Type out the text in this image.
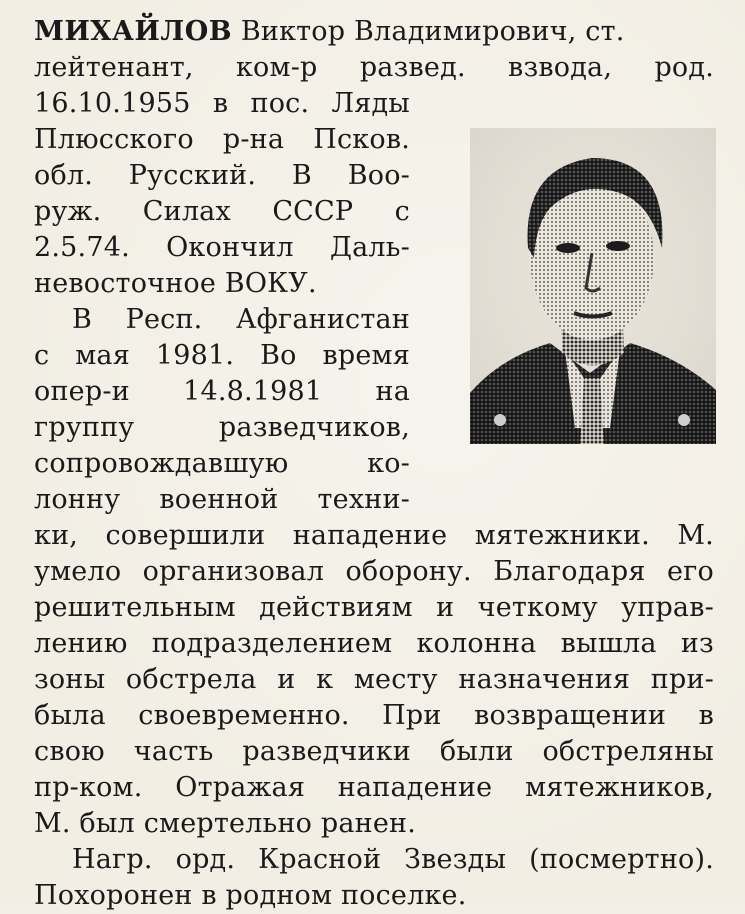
МИХАЙЛОВ Виктор Владимирович, ст.
лейтенант, ком-р развед. взвода, род.
16.10.1955 в пос. Ляды
Плюсского р-на Псков.
обл. Русский. В Воо-
руж. Силах СССР с
2.5.74. Окончил Даль-
невосточное ВОКУ.
В Респ. Афганистан
с мая 1981. Во время
опер-и 14.8.1981 на
группу	разведчиков,
сопровождавшую	ко-
лонну военной техни-
ки, совершили нападение мятежники. М.
умело организовал оборону. Благодаря его
решительным действиям и четкому управ-
лению подразделением колонна вышла из
зоны обстрела и к месту назначения при-
была своевременно. При возвращении в
свою часть разведчики были обстреляны
пр-ком. Отражая нападение мятежников,
М. был смертельно ранен.
Нагр. орд. Красной Звезды (посмертно).
Похоронен в родном поселке.
